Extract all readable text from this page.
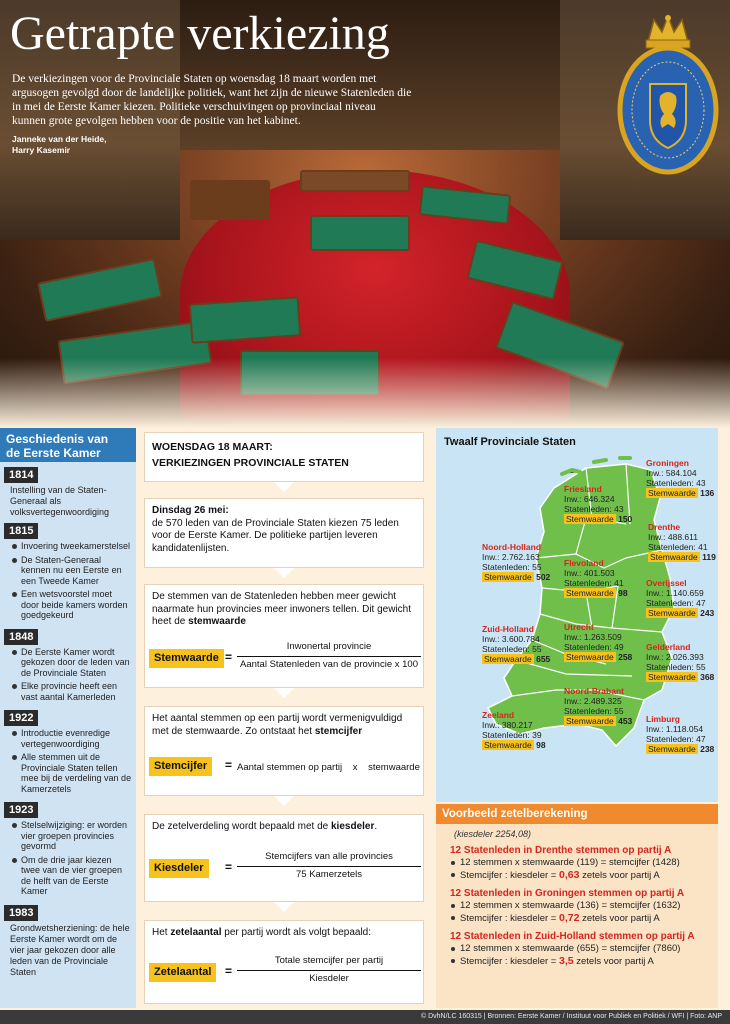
Getrapte verkiezing

De verkiezingen voor de Provinciale Staten op woensdag 18 maart worden met argusogen gevolgd door de landelijke politiek, want het zijn de nieuwe Statenleden die in mei de Eerste Kamer kiezen. Politieke verschuivingen op provinciaal niveau kunnen grote gevolgen hebben voor de positie van het kabinet.

Janneke van der Heide,
Harry Kasemir
Geschiedenis van
de Eerste Kamer
1814
Instelling van de Staten-Generaal als volksvertegenwoordiging
1815
Invoering tweekamerstelsel
De Staten-Generaal kennen nu een Eerste en een Tweede Kamer
Een wetsvoorstel moet door beide kamers worden goedgekeurd
1848
De Eerste Kamer wordt gekozen door de leden van de Provinciale Staten
Elke provincie heeft een vast aantal Kamerleden
1922
Introductie evenredige vertegenwoordiging
Alle stemmen uit de Provinciale Staten tellen mee bij de verdeling van de Kamerzetels
1923
Stelselwijziging: er worden vier groepen provincies gevormd
Om de drie jaar kiezen twee van de vier groepen de helft van de Eerste Kamer
1983
Grondwetsherziening: de hele Eerste Kamer wordt om de vier jaar gekozen door alle leden van de Provinciale Staten
WOENSDAG 18 MAART:
VERKIEZINGEN PROVINCIALE STATEN
Dinsdag 26 mei:
de 570 leden van de Provinciale Staten kiezen 75 leden voor de Eerste Kamer. De politieke partijen leveren kandidatenlijsten.
De stemmen van de Statenleden hebben meer gewicht naarmate hun provincies meer inwoners tellen. Dit gewicht heet de stemwaarde
Stemwaarde =
Inwonertal provincie
Aantal Statenleden van de provincie x 100
Het aantal stemmen op een partij wordt vermenigvuldigd met de stemwaarde. Zo ontstaat het stemcijfer
Stemcijfer	= Aantal stemmen op partij x stemwaarde
De zetelverdeling wordt bepaald met de kiesdeler.
Kiesdeler	=
Stemcijfers van alle provincies
75 Kamerzetels
Het zetelaantal per partij wordt als volgt bepaald:
Zetelaantal	=
Totale stemcijfer per partij
Kiesdeler
Twaalf Provinciale Staten
Groningen
Inw.: 584.104
Statenleden: 43
Stemwaarde 136
Friesland
Inw.: 646.324
Statenleden: 43
Stemwaarde 150
Drenthe
Inw.: 488.611
Statenleden: 41
Stemwaarde 119
Noord-Holland
Inw.: 2.762.163
Statenleden: 55
Stemwaarde 502
Flevoland
Inw.: 401.503
Statenleden: 41
Stemwaarde 98
Overijssel
Inw.: 1.140.659
Statenleden: 47
Stemwaarde 243
Zuid-Holland
Inw.: 3.600.784
Statenleden: 55
Stemwaarde 655
Utrecht
Inw.: 1.263.509
Statenleden: 49
Stemwaarde 258
Gelderland
Inw.: 2.026.393
Statenleden: 55
Stemwaarde 368
Noord-Brabant
Inw.: 2.489.325
Statenleden: 55
Stemwaarde 453
Zeeland
Inw.: 380.217
Statenleden: 39
Stemwaarde 98
Limburg
Inw.: 1.118.054
Statenleden: 47
Stemwaarde 238
Voorbeeld zetelberekening
(kiesdeler 2254,08)
12 Statenleden in Drenthe stemmen op partij A
12 stemmen x stemwaarde (119) = stemcijfer (1428)
Stemcijfer : kiesdeler = 0,63 zetels voor partij A
12 Statenleden in Groningen stemmen op partij A
12 stemmen x stemwaarde (136) = stemcijfer (1632)
Stemcijfer : kiesdeler = 0,72 zetels voor partij A
12 Statenleden in Zuid-Holland stemmen op partij A
12 stemmen x stemwaarde (655) = stemcijfer (7860)
Stemcijfer : kiesdeler = 3,5 zetels voor partij A
© DvhN/LC 160315 | Bronnen: Eerste Kamer / Instituut voor Publiek en Politiek / WFI | Foto: ANP
